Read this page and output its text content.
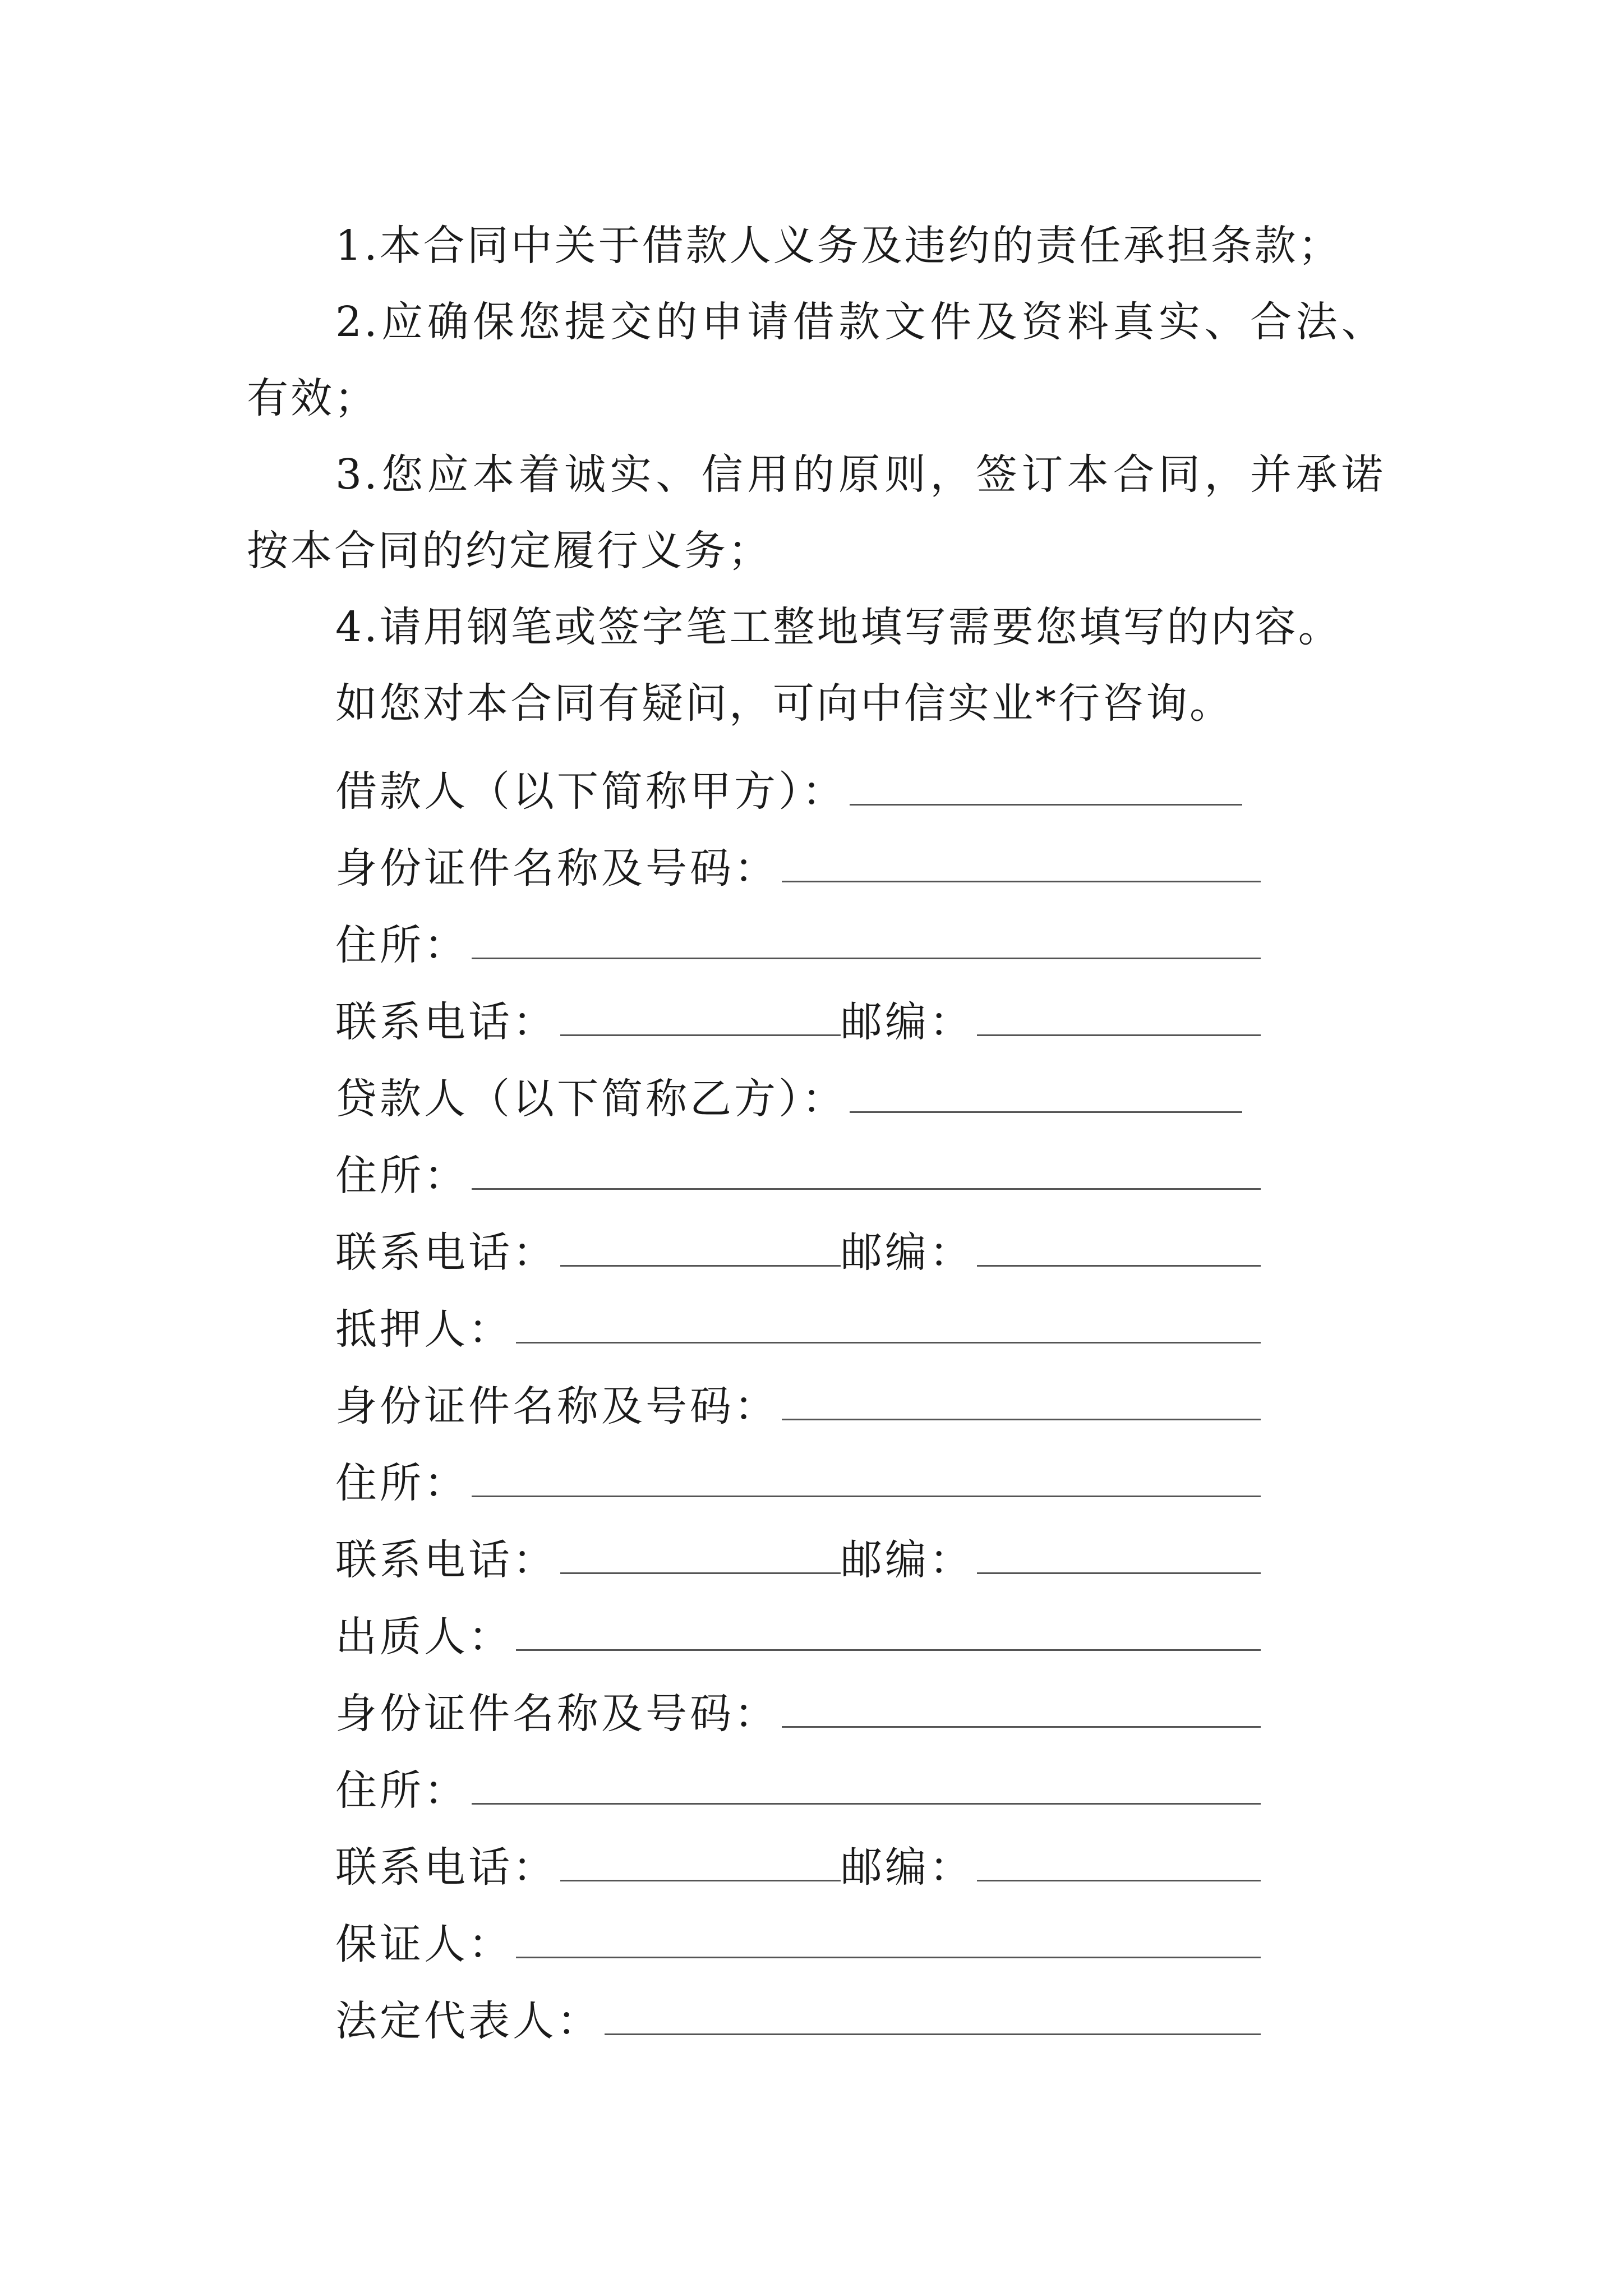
1.本合同中关于借款人义务及违约的责任承担条款；

2.应确保您提交的申请借款文件及资料真实、合法、有效；

3.您应本着诚实、信用的原则，签订本合同，并承诺按本合同的约定履行义务；

4.请用钢笔或签字笔工整地填写需要您填写的内容。

如您对本合同有疑问，可向中信实业*行咨询。

借款人（以下简称甲方）：
身份证件名称及号码：
住所：
联系电话：	邮编：
贷款人（以下简称乙方）：
住所：
联系电话：	邮编：
抵押人：
身份证件名称及号码：
住所：
联系电话：	邮编：
出质人：
身份证件名称及号码：
住所：
联系电话：	邮编：
保证人：
法定代表人：
